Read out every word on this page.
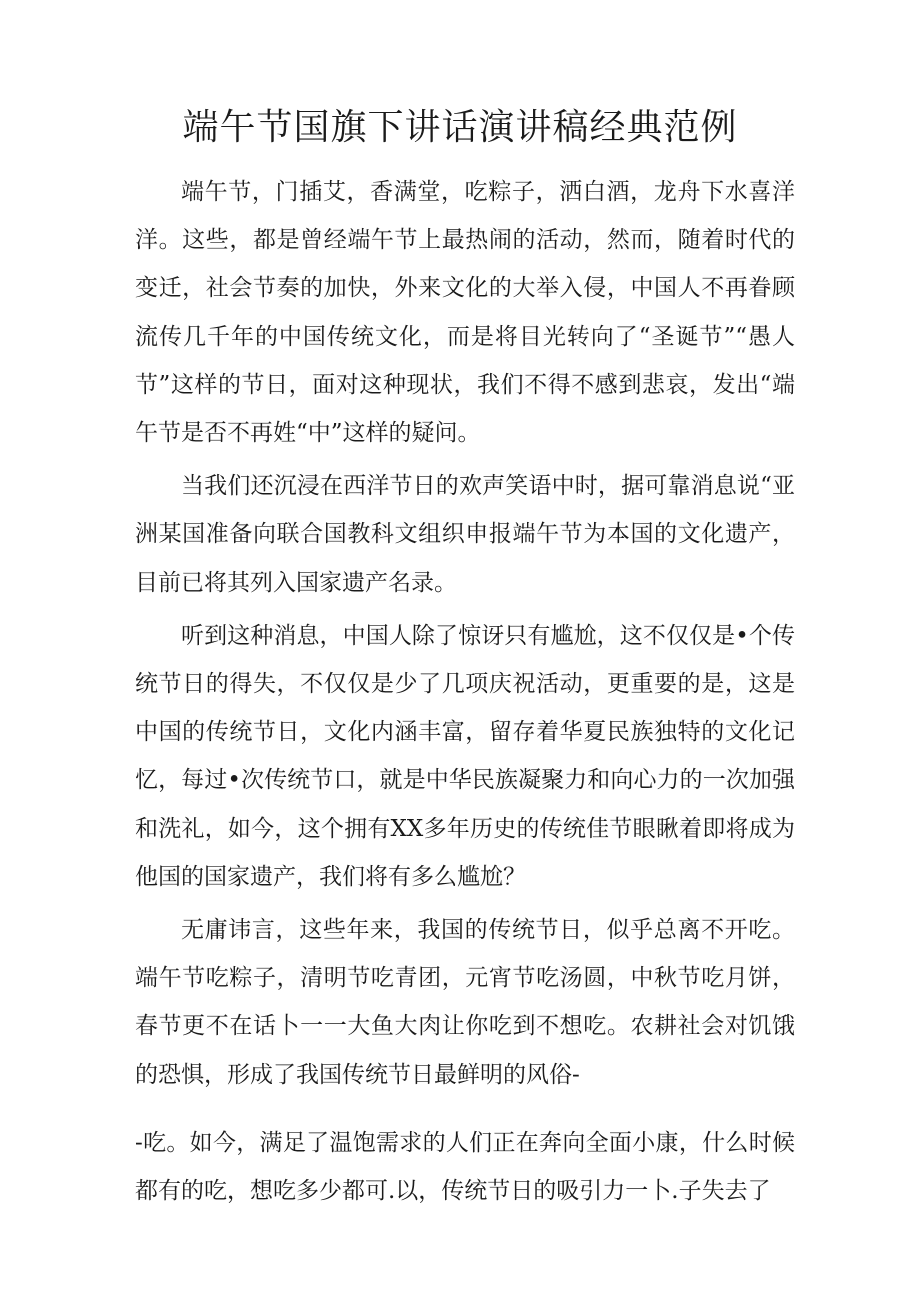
端午节国旗下讲话演讲稿经典范例

端午节，门插艾，香满堂，吃粽子，洒白酒，龙舟下水喜洋洋。这些，都是曾经端午节上最热闹的活动，然而，随着时代的变迁，社会节奏的加快，外来文化的大举入侵，中国人不再眷顾流传几千年的中国传统文化，而是将目光转向了“圣诞节”“愚人节”这样的节日，面对这种现状，我们不得不感到悲哀，发出“端午节是否不再姓“中”这样的疑问。

当我们还沉浸在西洋节日的欢声笑语中时，据可靠消息说“亚洲某国准备向联合国教科文组织申报端午节为本国的文化遗产，目前已将其列入国家遗产名录。

听到这种消息，中国人除了惊讶只有尴尬，这不仅仅是•个传统节日的得失，不仅仅是少了几项庆祝活动，更重要的是，这是中国的传统节日，文化内涵丰富，留存着华夏民族独特的文化记忆，每过•次传统节口，就是中华民族凝聚力和向心力的一次加强和洗礼，如今，这个拥有XX多年历史的传统佳节眼瞅着即将成为他国的国家遗产，我们将有多么尴尬？

无庸讳言，这些年来，我国的传统节日，似乎总离不开吃。端午节吃粽子，清明节吃青团，元宵节吃汤圆，中秋节吃月饼，春节更不在话卜一一大鱼大肉让你吃到不想吃。农耕社会对饥饿的恐惧，形成了我国传统节日最鲜明的风俗-

-吃。如今，满足了温饱需求的人们正在奔向全面小康，什么时候都有的吃，想吃多少都可.以，传统节日的吸引力一卜.子失去了
